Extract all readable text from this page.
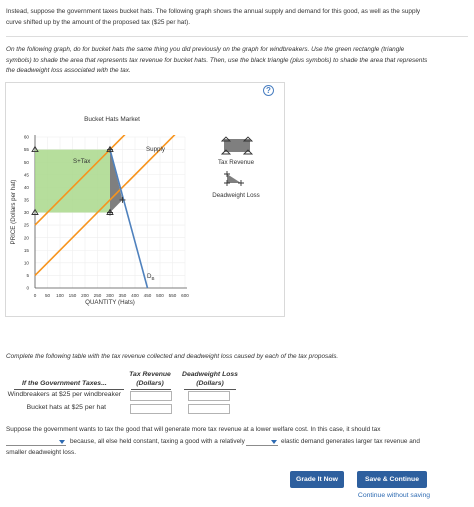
Instead, suppose the government taxes bucket hats. The following graph shows the annual supply and demand for this good, as well as the supply
curve shifted up by the amount of the proposed tax ($25 per hat).
On the following graph, do for bucket hats the same thing you did previously on the graph for windbreakers. Use the green rectangle (triangle
symbols) to shade the area that represents tax revenue for bucket hats. Then, use the black triangle (plus symbols) to shade the area that represents
the deadweight loss associated with the tax.
?
Bucket Hats Market
0 50 100 150 200 250 300 350 400 450 500 550 600
0
5
10
15
20
25
30
35
40
45
50
55
60
QUANTITY (Hats)
PRICE (Dollars per hat)
Supply
S+Tax
$D_B$
Tax Revenue
Deadweight Loss
Complete the following table with the tax revenue collected and deadweight loss caused by each of the tax proposals.
Tax Revenue
(Dollars)
Deadweight Loss
(Dollars)
If the Government Taxes...
Windbreakers at $25 per windbreaker
Bucket hats at $25 per hat
Suppose the government wants to tax the good that will generate more tax revenue at a lower welfare cost. In this case, it should tax
because, all else held constant, taxing a good with a relatively	elastic demand generates larger tax revenue and
smaller deadweight loss.
Grade It Now	Save & Continue
Continue without saving
